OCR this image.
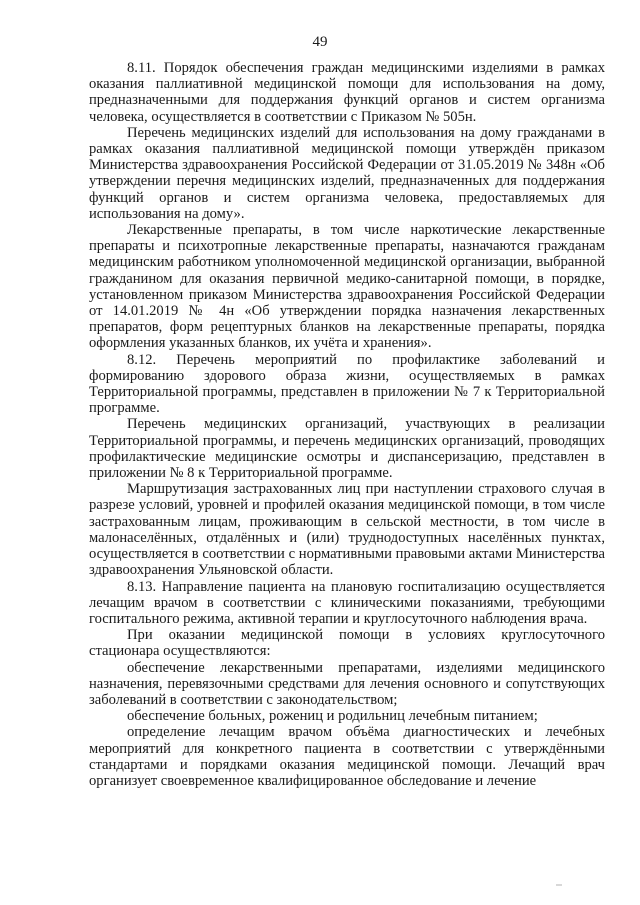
49

8.11. Порядок обеспечения граждан медицинскими изделиями в рамках оказания паллиативной медицинской помощи для использования на дому, предназначенными для поддержания функций органов и систем организма человека, осуществляется в соответствии с Приказом № 505н.

Перечень медицинских изделий для использования на дому гражданами в рамках оказания паллиативной медицинской помощи утверждён приказом Министерства здравоохранения Российской Федерации от 31.05.2019 № 348н «Об утверждении перечня медицинских изделий, предназначенных для поддержания функций органов и систем организма человека, предоставляемых для использования на дому».

Лекарственные препараты, в том числе наркотические лекарственные препараты и психотропные лекарственные препараты, назначаются гражданам медицинским работником уполномоченной медицинской организации, выбранной гражданином для оказания первичной медико-санитарной помощи, в порядке, установленном приказом Министерства здравоохранения Российской Федерации от 14.01.2019 № 4н «Об утверждении порядка назначения лекарственных препаратов, форм рецептурных бланков на лекарственные препараты, порядка оформления указанных бланков, их учёта и хранения».

8.12. Перечень мероприятий по профилактике заболеваний и формированию здорового образа жизни, осуществляемых в рамках Территориальной программы, представлен в приложении № 7 к Территориальной программе.

Перечень медицинских организаций, участвующих в реализации Территориальной программы, и перечень медицинских организаций, проводящих профилактические медицинские осмотры и диспансеризацию, представлен в приложении № 8 к Территориальной программе.

Маршрутизация застрахованных лиц при наступлении страхового случая в разрезе условий, уровней и профилей оказания медицинской помощи, в том числе застрахованным лицам, проживающим в сельской местности, в том числе в малонаселённых, отдалённых и (или) труднодоступных населённых пунктах, осуществляется в соответствии с нормативными правовыми актами Министерства здравоохранения Ульяновской области.

8.13. Направление пациента на плановую госпитализацию осуществляется лечащим врачом в соответствии с клиническими показаниями, требующими госпитального режима, активной терапии и круглосуточного наблюдения врача.

При оказании медицинской помощи в условиях круглосуточного стационара осуществляются:

обеспечение лекарственными препаратами, изделиями медицинского назначения, перевязочными средствами для лечения основного и сопутствующих заболеваний в соответствии с законодательством;

обеспечение больных, рожениц и родильниц лечебным питанием;

определение лечащим врачом объёма диагностических и лечебных мероприятий для конкретного пациента в соответствии с утверждёнными стандартами и порядками оказания медицинской помощи. Лечащий врач организует своевременное квалифицированное обследование и лечение
